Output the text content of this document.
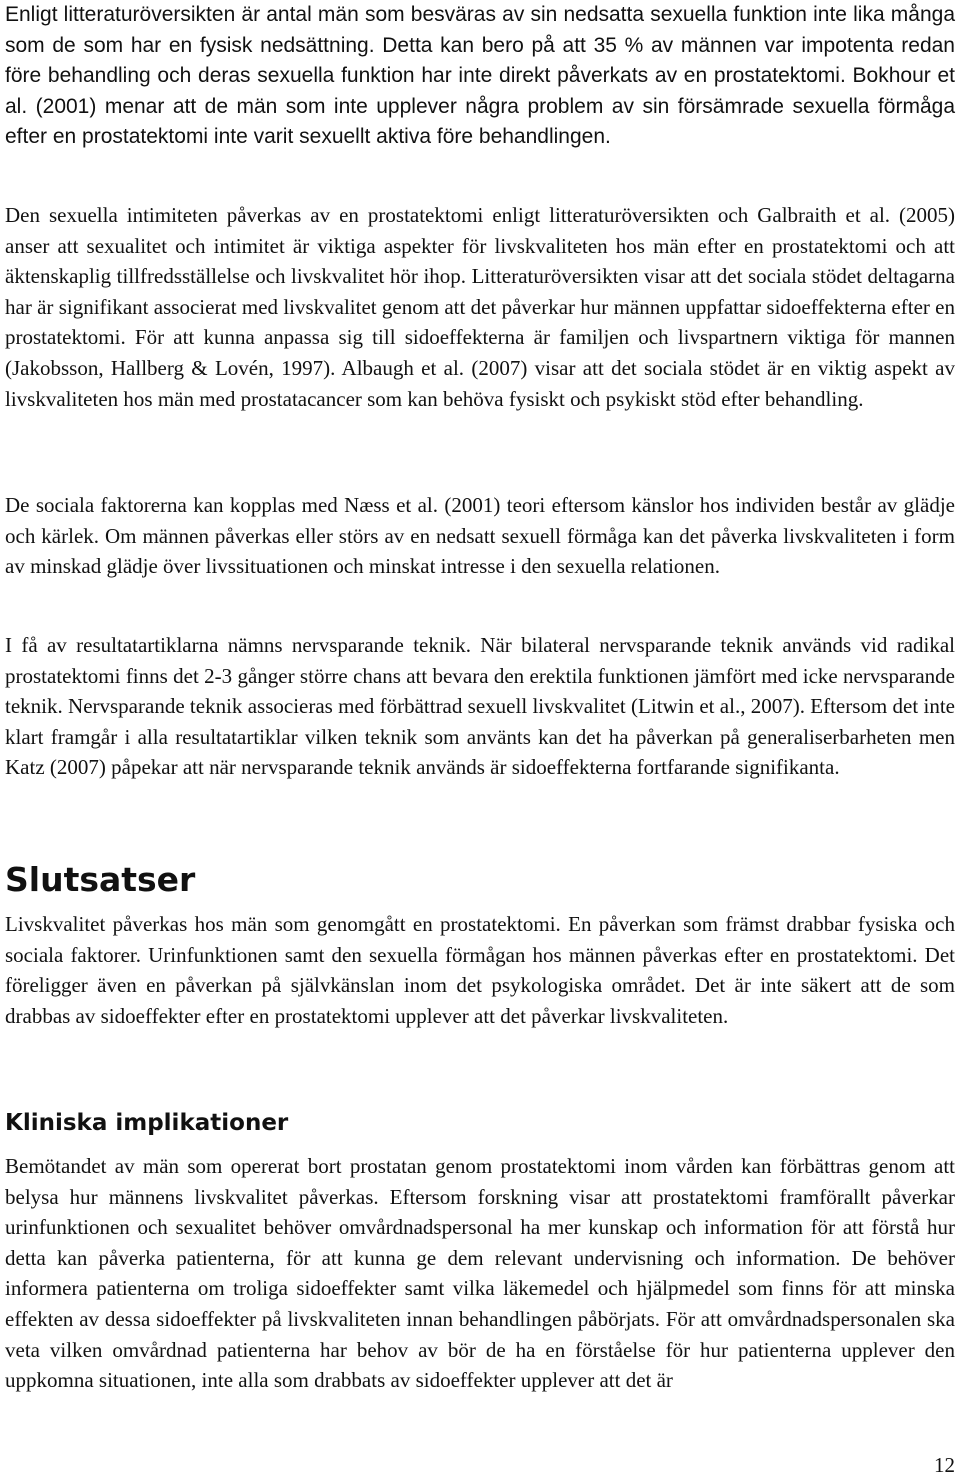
Enligt litteraturöversikten är antal män som besväras av sin nedsatta sexuella funktion inte lika många som de som har en fysisk nedsättning. Detta kan bero på att 35 % av männen var impotenta redan före behandling och deras sexuella funktion har inte direkt påverkats av en prostatektomi. Bokhour et al. (2001) menar att de män som inte upplever några problem av sin försämrade sexuella förmåga efter en prostatektomi inte varit sexuellt aktiva före behandlingen.

Den sexuella intimiteten påverkas av en prostatektomi enligt litteraturöversikten och Galbraith et al. (2005) anser att sexualitet och intimitet är viktiga aspekter för livskvaliteten hos män efter en prostatektomi och att äktenskaplig tillfredsställelse och livskvalitet hör ihop. Litteraturöversikten visar att det sociala stödet deltagarna har är signifikant associerat med livskvalitet genom att det påverkar hur männen uppfattar sidoeffekterna efter en prostatektomi. För att kunna anpassa sig till sidoeffekterna är familjen och livspartnern viktiga för mannen (Jakobsson, Hallberg & Lovén, 1997). Albaugh et al. (2007) visar att det sociala stödet är en viktig aspekt av livskvaliteten hos män med prostatacancer som kan behöva fysiskt och psykiskt stöd efter behandling.

De sociala faktorerna kan kopplas med Næss et al. (2001) teori eftersom känslor hos individen består av glädje och kärlek. Om männen påverkas eller störs av en nedsatt sexuell förmåga kan det påverka livskvaliteten i form av minskad glädje över livssituationen och minskat intresse i den sexuella relationen.

I få av resultatartiklarna nämns nervsparande teknik. När bilateral nervsparande teknik används vid radikal prostatektomi finns det 2-3 gånger större chans att bevara den erektila funktionen jämfört med icke nervsparande teknik. Nervsparande teknik associeras med förbättrad sexuell livskvalitet (Litwin et al., 2007). Eftersom det inte klart framgår i alla resultatartiklar vilken teknik som använts kan det ha påverkan på generaliserbarheten men Katz (2007) påpekar att när nervsparande teknik används är sidoeffekterna fortfarande signifikanta.

Slutsatser

Livskvalitet påverkas hos män som genomgått en prostatektomi. En påverkan som främst drabbar fysiska och sociala faktorer. Urinfunktionen samt den sexuella förmågan hos männen påverkas efter en prostatektomi. Det föreligger även en påverkan på självkänslan inom det psykologiska området. Det är inte säkert att de som drabbas av sidoeffekter efter en prostatektomi upplever att det påverkar livskvaliteten.

Kliniska implikationer

Bemötandet av män som opererat bort prostatan genom prostatektomi inom vården kan förbättras genom att belysa hur männens livskvalitet påverkas. Eftersom forskning visar att prostatektomi framförallt påverkar urinfunktionen och sexualitet behöver omvårdnadspersonal ha mer kunskap och information för att förstå hur detta kan påverka patienterna, för att kunna ge dem relevant undervisning och information. De behöver informera patienterna om troliga sidoeffekter samt vilka läkemedel och hjälpmedel som finns för att minska effekten av dessa sidoeffekter på livskvaliteten innan behandlingen påbörjats. För att omvårdnadspersonalen ska veta vilken omvårdnad patienterna har behov av bör de ha en förståelse för hur patienterna upplever den uppkomna situationen, inte alla som drabbats av sidoeffekter upplever att det är

12
